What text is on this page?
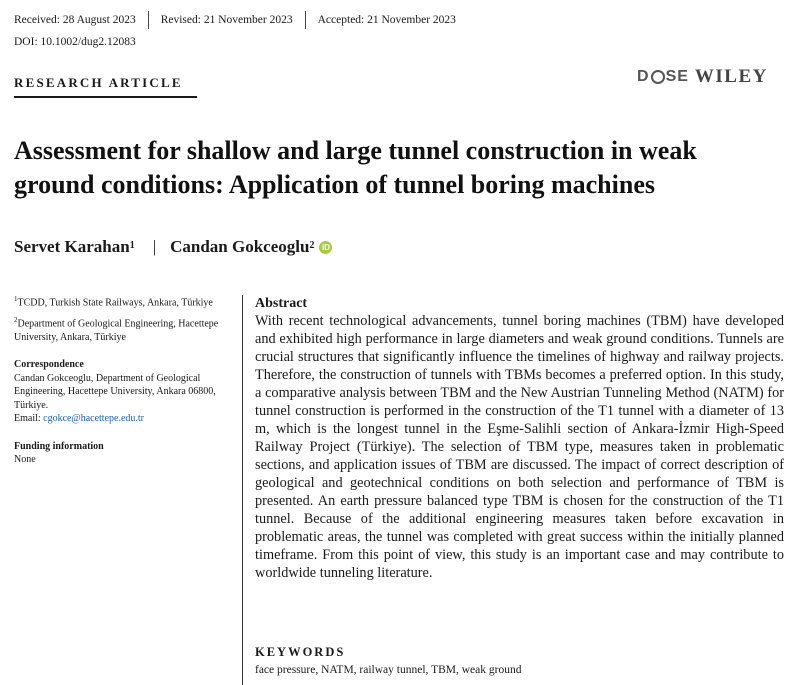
Received: 28 August 2023 Revised: 21 November 2023 Accepted: 21 November 2023
DOI: 10.1002/dug2.12083
RESEARCH ARTICLE	D SE WILEY
Assessment for shallow and large tunnel construction in weak ground conditions: Application of tunnel boring machines
Servet Karahan$^1$ | Candan Gokceoglu$^2$ iD
$^1$TCDD, Turkish State Railways, Ankara, Türkiye
$^2$Department of Geological Engineering, Hacettepe University, Ankara, Türkiye
Correspondence
Candan Gokceoglu, Department of Geological Engineering, Hacettepe University, Ankara 06800, Türkiye.
Email: cgokce@hacettepe.edu.tr
Funding information
None
Abstract

With recent technological advancements, tunnel boring machines (TBM) have developed and exhibited high performance in large diameters and weak ground conditions. Tunnels are crucial structures that significantly influence the timelines of highway and railway projects. Therefore, the construction of tunnels with TBMs becomes a preferred option. In this study, a comparative analysis between TBM and the New Austrian Tunneling Method (NATM) for tunnel construction is performed in the construction of the T1 tunnel with a diameter of 13 m, which is the longest tunnel in the Eşme-Salihli section of Ankara-İzmir High-Speed Railway Project (Türkiye). The selection of TBM type, measures taken in problematic sections, and application issues of TBM are discussed. The impact of correct description of geological and geotechnical conditions on both selection and performance of TBM is presented. An earth pressure balanced type TBM is chosen for the construction of the T1 tunnel. Because of the additional engineering measures taken before excavation in problematic areas, the tunnel was completed with great success within the initially planned timeframe. From this point of view, this study is an important case and may contribute to worldwide tunneling literature.

KEYWORDS
face pressure, NATM, railway tunnel, TBM, weak ground
